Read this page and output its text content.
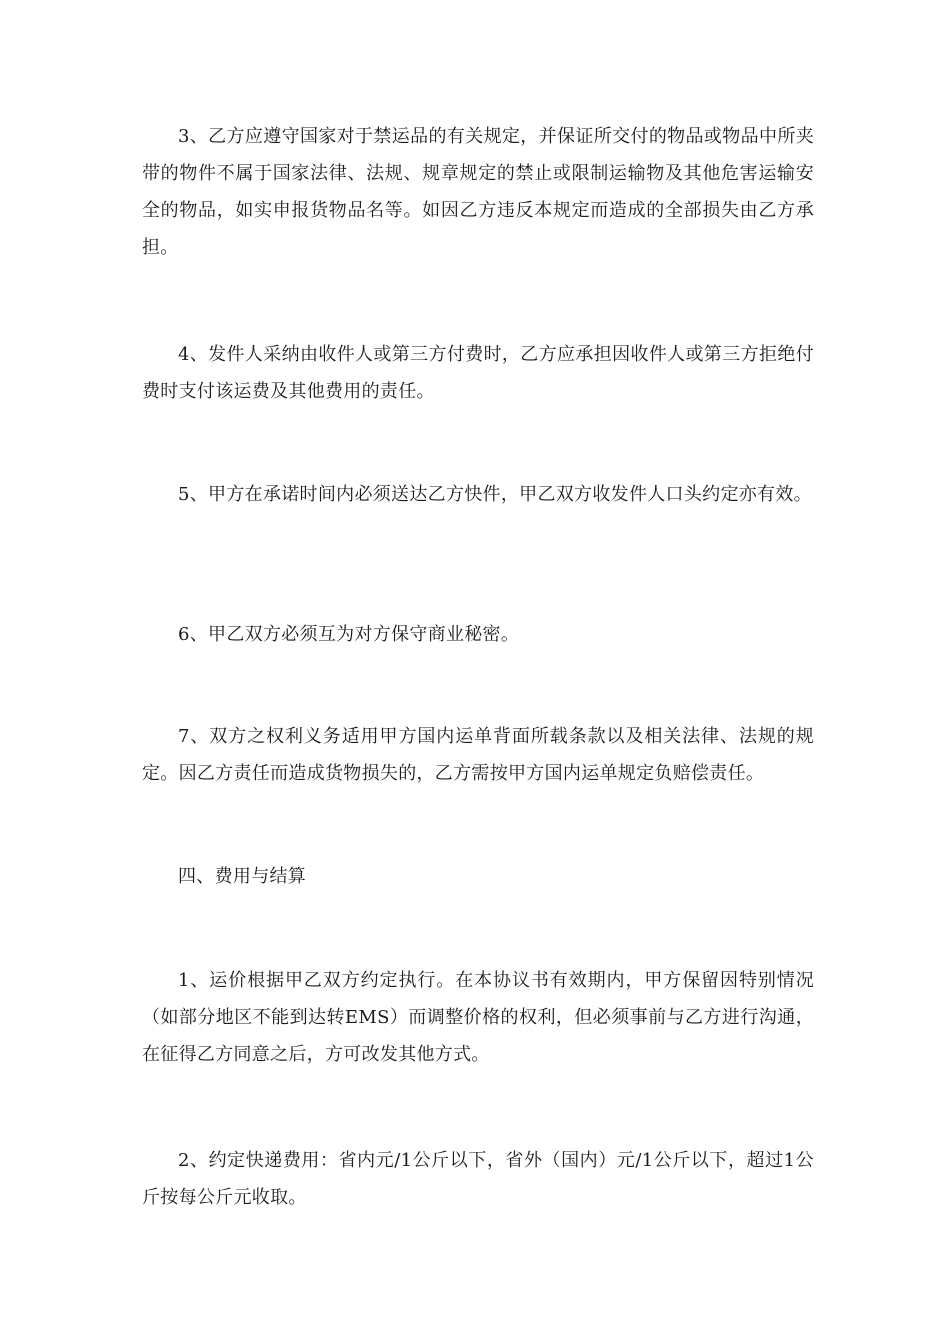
3、乙方应遵守国家对于禁运品的有关规定，并保证所交付的物品或物品中所夹带的物件不属于国家法律、法规、规章规定的禁止或限制运输物及其他危害运输安全的物品，如实申报货物品名等。如因乙方违反本规定而造成的全部损失由乙方承担。

4、发件人采纳由收件人或第三方付费时，乙方应承担因收件人或第三方拒绝付费时支付该运费及其他费用的责任。

5、甲方在承诺时间内必须送达乙方快件，甲乙双方收发件人口头约定亦有效。

6、甲乙双方必须互为对方保守商业秘密。

7、双方之权利义务适用甲方国内运单背面所载条款以及相关法律、法规的规定。因乙方责任而造成货物损失的，乙方需按甲方国内运单规定负赔偿责任。

四、费用与结算

1、运价根据甲乙双方约定执行。在本协议书有效期内，甲方保留因特别情况（如部分地区不能到达转EMS）而调整价格的权利，但必须事前与乙方进行沟通，在征得乙方同意之后，方可改发其他方式。

2、约定快递费用：省内元/1公斤以下，省外（国内）元/1公斤以下，超过1公斤按每公斤元收取。
